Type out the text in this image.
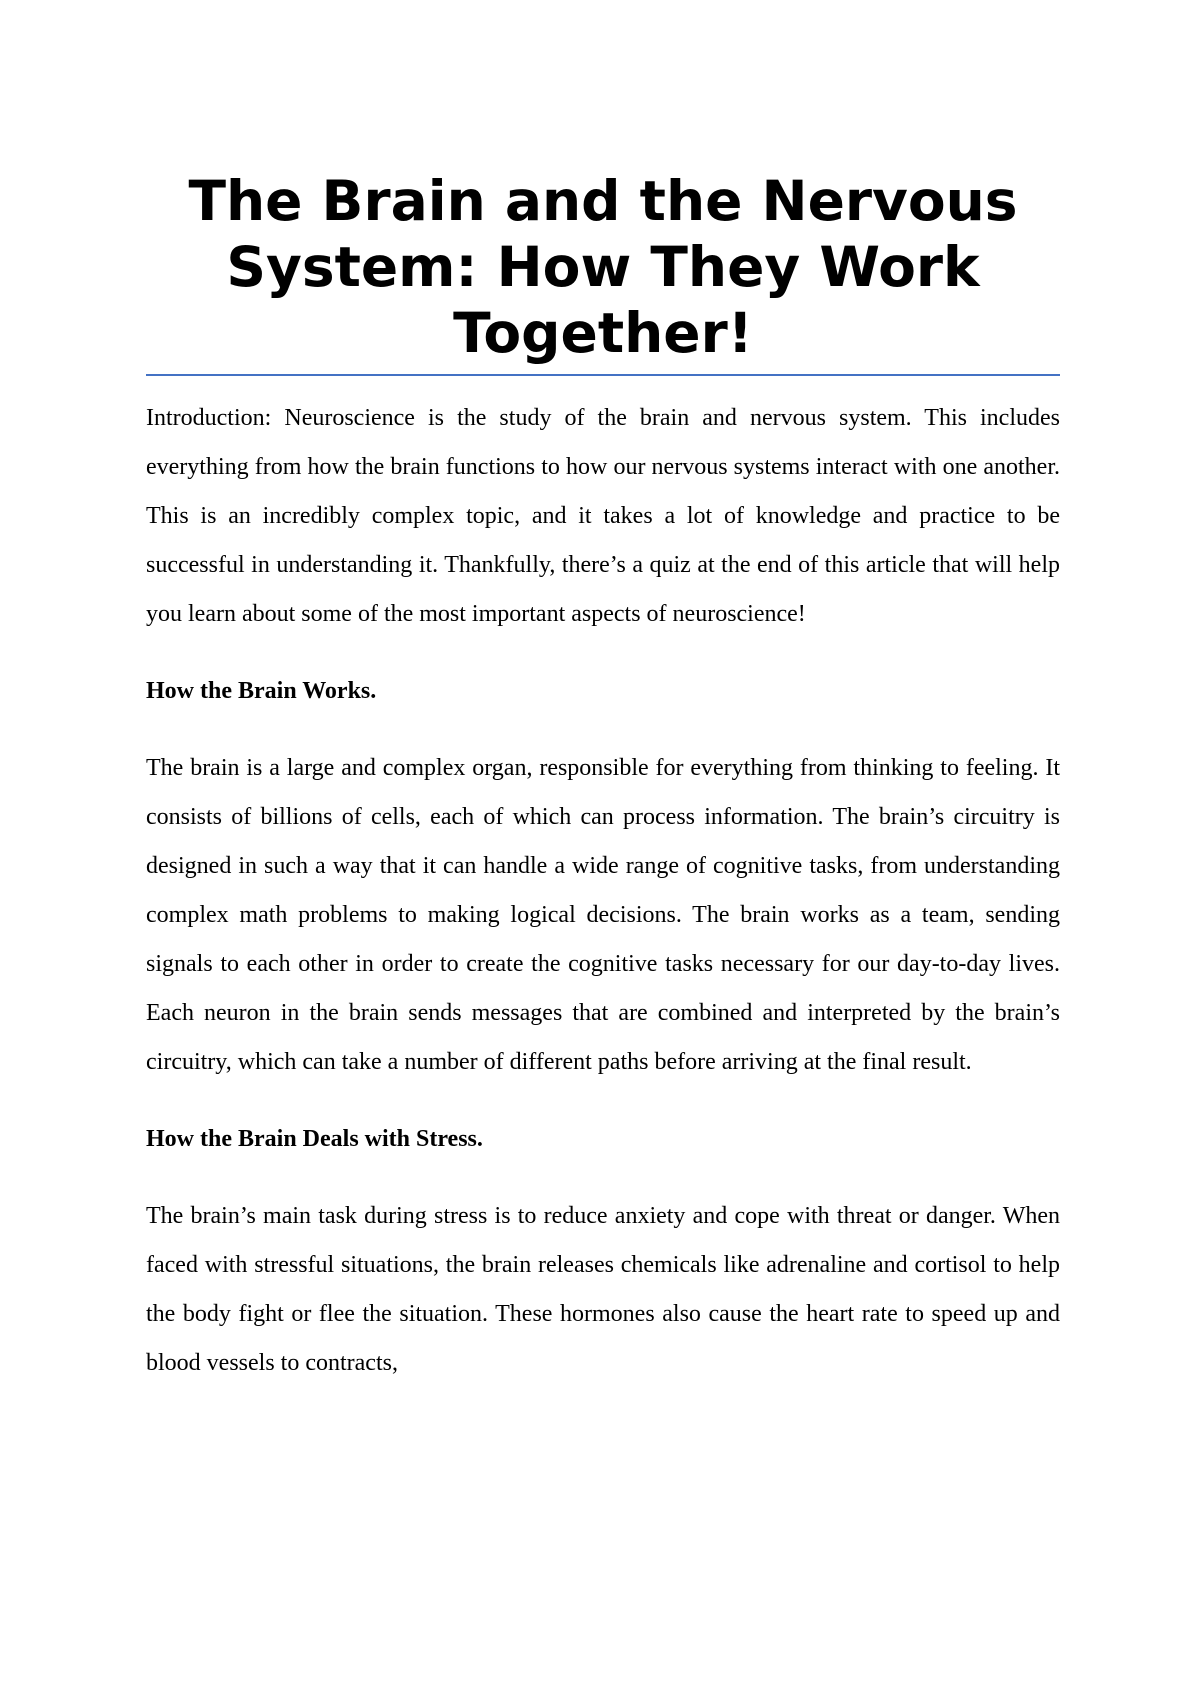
The Brain and the Nervous System: How They Work Together!

Introduction: Neuroscience is the study of the brain and nervous system. This includes everything from how the brain functions to how our nervous systems interact with one another. This is an incredibly complex topic, and it takes a lot of knowledge and practice to be successful in understanding it. Thankfully, there’s a quiz at the end of this article that will help you learn about some of the most important aspects of neuroscience!

How the Brain Works.

The brain is a large and complex organ, responsible for everything from thinking to feeling. It consists of billions of cells, each of which can process information. The brain’s circuitry is designed in such a way that it can handle a wide range of cognitive tasks, from understanding complex math problems to making logical decisions. The brain works as a team, sending signals to each other in order to create the cognitive tasks necessary for our day-to-day lives. Each neuron in the brain sends messages that are combined and interpreted by the brain’s circuitry, which can take a number of different paths before arriving at the final result.

How the Brain Deals with Stress.

The brain’s main task during stress is to reduce anxiety and cope with threat or danger. When faced with stressful situations, the brain releases chemicals like adrenaline and cortisol to help the body fight or flee the situation. These hormones also cause the heart rate to speed up and blood vessels to contracts,
